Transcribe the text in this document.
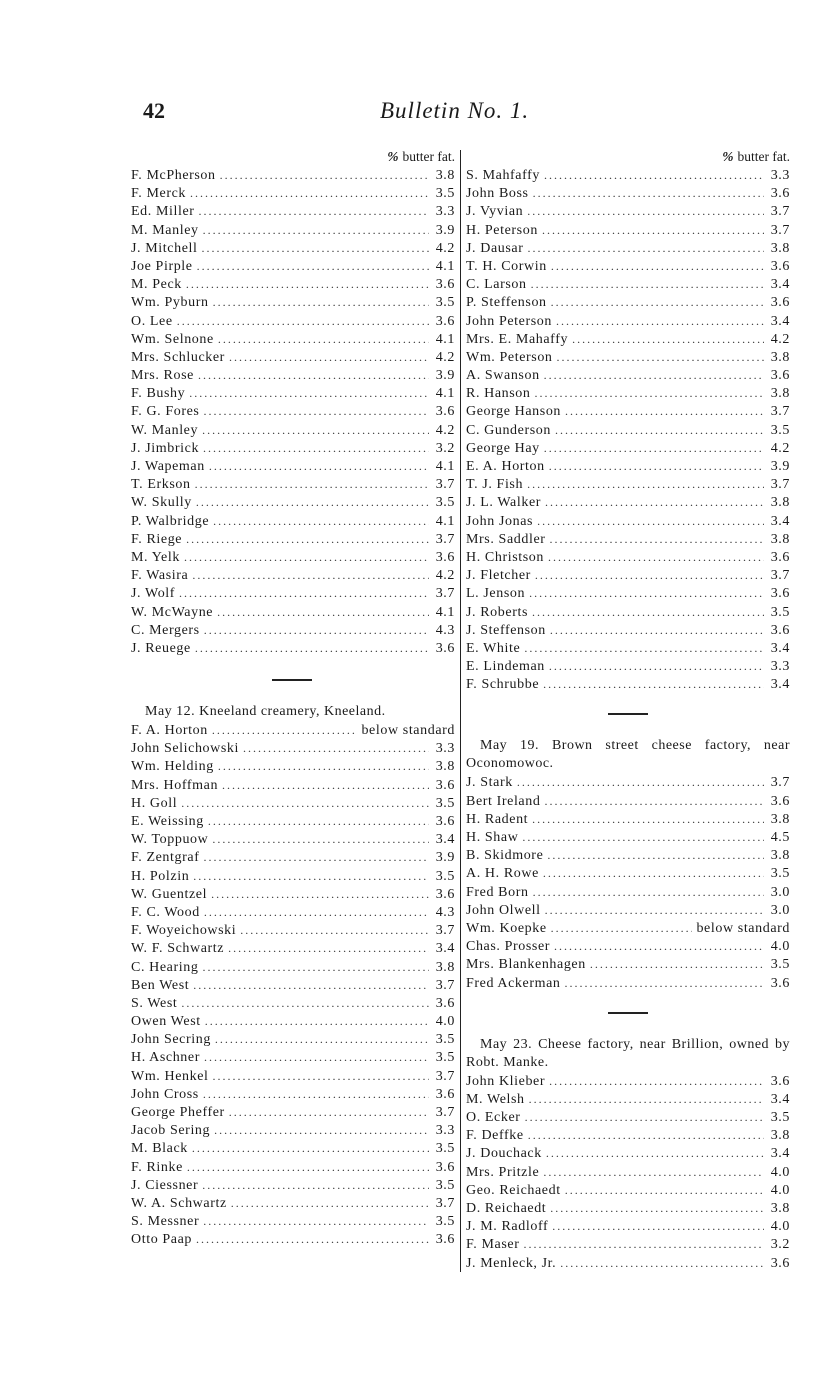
42	Bulletin No. 1.
% butter fat.
F. McPherson .....	3.8
F. Merck .....	3.5
Ed. Miller .....	3.3
M. Manley .....	3.9
J. Mitchell .....	4.2
Joe Pirple .....	4.1
M. Peck .....	3.6
Wm. Pyburn .....	3.5
O. Lee .....	3.6
Wm. Selnone .....	4.1
Mrs. Schlucker .....	4.2
Mrs. Rose .....	3.9
F. Bushy .....	4.1
F. G. Fores .....	3.6
W. Manley .....	4.2
J. Jimbrick .....	3.2
J. Wapeman .....	4.1
T. Erkson .....	3.7
W. Skully .....	3.5
P. Walbridge .....	4.1
F. Riege .....	3.7
M. Yelk .....	3.6
F. Wasira .....	4.2
J. Wolf .....	3.7
W. McWayne .....	4.1
C. Mergers .....	4.3
J. Reuege .....	3.6
May 12. Kneeland creamery, Kneeland.
F. A. Horton .....	below standard
John Selichowski .....	3.3
Wm. Helding .....	3.8
Mrs. Hoffman .....	3.6
H. Goll .....	3.5
E. Weissing .....	3.6
W. Toppuow .....	3.4
F. Zentgraf .....	3.9
H. Polzin .....	3.5
W. Guentzel .....	3.6
F. C. Wood .....	4.3
F. Woyeichowski .....	3.7
W. F. Schwartz .....	3.4
C. Hearing .....	3.8
Ben West .....	3.7
S. West .....	3.6
Owen West .....	4.0
John Secring .....	3.5
H. Aschner .....	3.5
Wm. Henkel .....	3.7
John Cross .....	3.6
George Pheffer .....	3.7
Jacob Sering .....	3.3
M. Black .....	3.5
F. Rinke .....	3.6
J. Ciessner .....	3.5
W. A. Schwartz .....	3.7
S. Messner .....	3.5
Otto Paap .....	3.6
% butter fat.
S. Mahfaffy .....	3.3
John Boss .....	3.6
J. Vyvian .....	3.7
H. Peterson .....	3.7
J. Dausar .....	3.8
T. H. Corwin .....	3.6
C. Larson .....	3.4
P. Steffenson .....	3.6
John Peterson .....	3.4
Mrs. E. Mahaffy .....	4.2
Wm. Peterson .....	3.8
A. Swanson .....	3.6
R. Hanson .....	3.8
George Hanson .....	3.7
C. Gunderson .....	3.5
George Hay .....	4.2
E. A. Horton .....	3.9
T. J. Fish .....	3.7
J. L. Walker .....	3.8
John Jonas .....	3.4
Mrs. Saddler .....	3.8
H. Christson .....	3.6
J. Fletcher .....	3.7
L. Jenson .....	3.6
J. Roberts .....	3.5
J. Steffenson .....	3.6
E. White .....	3.4
E. Lindeman .....	3.3
F. Schrubbe .....	3.4
May 19. Brown street cheese factory, near Oconomowoc.
J. Stark .....	3.7
Bert Ireland .....	3.6
H. Radent .....	3.8
H. Shaw .....	4.5
B. Skidmore .....	3.8
A. H. Rowe .....	3.5
Fred Born .....	3.0
John Olwell .....	3.0
Wm. Koepke .....	below standard
Chas. Prosser .....	4.0
Mrs. Blankenhagen .....	3.5
Fred Ackerman .....	3.6
May 23. Cheese factory, near Brillion, owned by Robt. Manke.
John Klieber .....	3.6
M. Welsh .....	3.4
O. Ecker .....	3.5
F. Deffke .....	3.8
J. Douchack .....	3.4
Mrs. Pritzle .....	4.0
Geo. Reichaedt .....	4.0
D. Reichaedt .....	3.8
J. M. Radloff .....	4.0
F. Maser .....	3.2
J. Menleck, Jr. .....	3.6
